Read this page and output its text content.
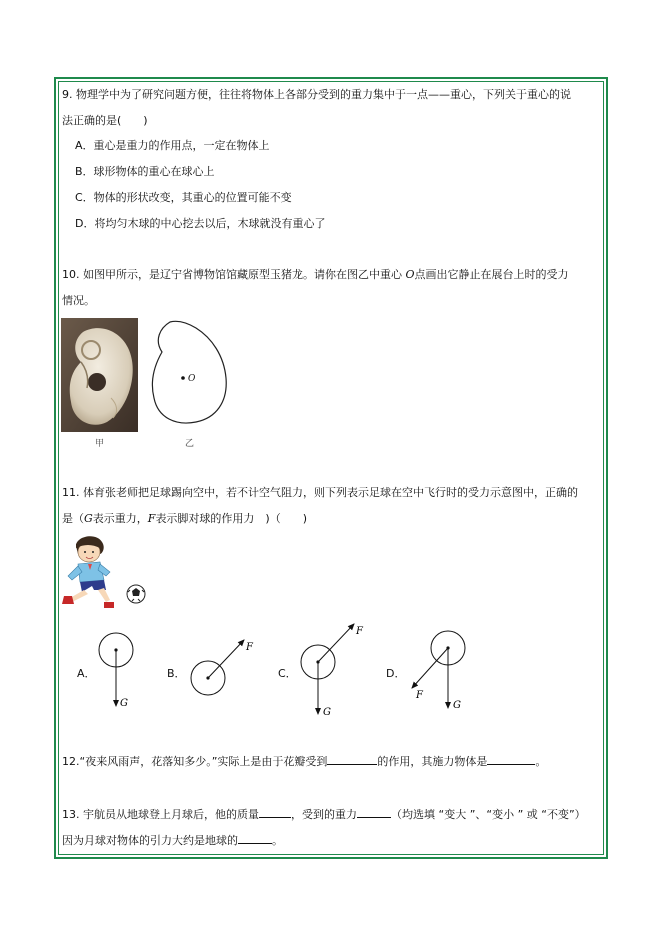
9. 物理学中为了研究问题方便，往往将物体上各部分受到的重力集中于一点——重心，下列关于重心的说
法正确的是(　　)
A．重心是重力的作用点，一定在物体上
B．球形物体的重心在球心上
C．物体的形状改变，其重心的位置可能不变
D．将均匀木球的中心挖去以后，木球就没有重心了
10. 如图甲所示，是辽宁省博物馆馆藏原型玉猪龙。请你在图乙中重心 O点画出它静止在展台上时的受力
情况。
甲
O
乙
11. 体育张老师把足球踢向空中，若不计空气阻力，则下列表示足球在空中飞行时的受力示意图中，正确的
是（G表示重力，F表示脚对球的作用力　)（　　)
G
F
F
G
F
G
A．	B．	C．	D．
12.“夜来风雨声，花落知多少。”实际上是由于花瓣受到	的作用，其施力物体是	。
13. 宇航员从地球登上月球后，他的质量	，受到的重力	（均选填 “变大 ”、“变小 ” 或 “不变”）
因为月球对物体的引力大约是地球的	。
